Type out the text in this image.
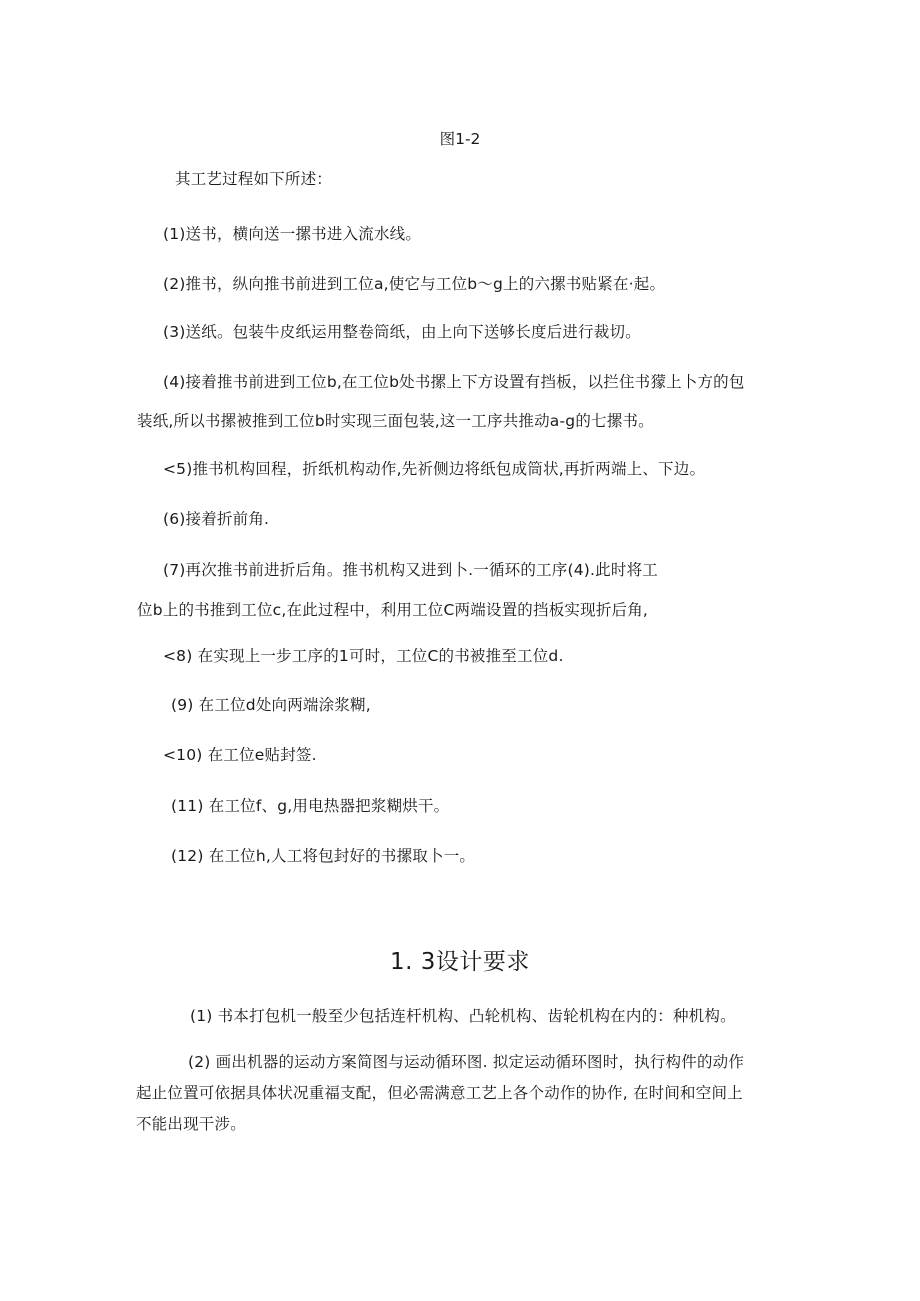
图1-2
其工艺过程如下所述：
(1)送书，横向送一摞书进入流水线。
(2)推书，纵向推书前进到工位a,使它与工位b～g上的六摞书贴紧在·起。
(3)送纸。包装牛皮纸运用整卷筒纸，由上向下送够长度后进行裁切。
(4)接着推书前进到工位b,在工位b处书摞上下方设置有挡板，以拦住书獴上卜方的包
装纸,所以书摞被推到工位b时实现三面包装,这一工序共推动a-g的七摞书。
<5)推书机构回程，折纸机构动作,先祈侧边将纸包成筒状,再折两端上、下边。
(6)接着折前角.
(7)再次推书前进折后角。推书机构又进到卜.一循环的工序(4).此时将工
位b上的书推到工位c,在此过程中，利用工位C两端设置的挡板实现折后角,
<8) 在实现上一步工序的1可时，工位C的书被推至工位d.
(9) 在工位d处向两端涂浆糊,
<10) 在工位e贴封签.
(11) 在工位f、g,用电热器把浆糊烘干。
(12) 在工位h,人工将包封好的书摞取卜一。
1. 3设计要求
(1) 书本打包机一般至少包括连杆机构、凸轮机构、齿轮机构在内的：种机构。
(2) 画出机器的运动方案简图与运动循环图. 拟定运动循环图时，执行构件的动作
起止位置可依据具体状况重福支配，但必需满意工艺上各个动作的协作, 在时间和空间上
不能出现干涉。
